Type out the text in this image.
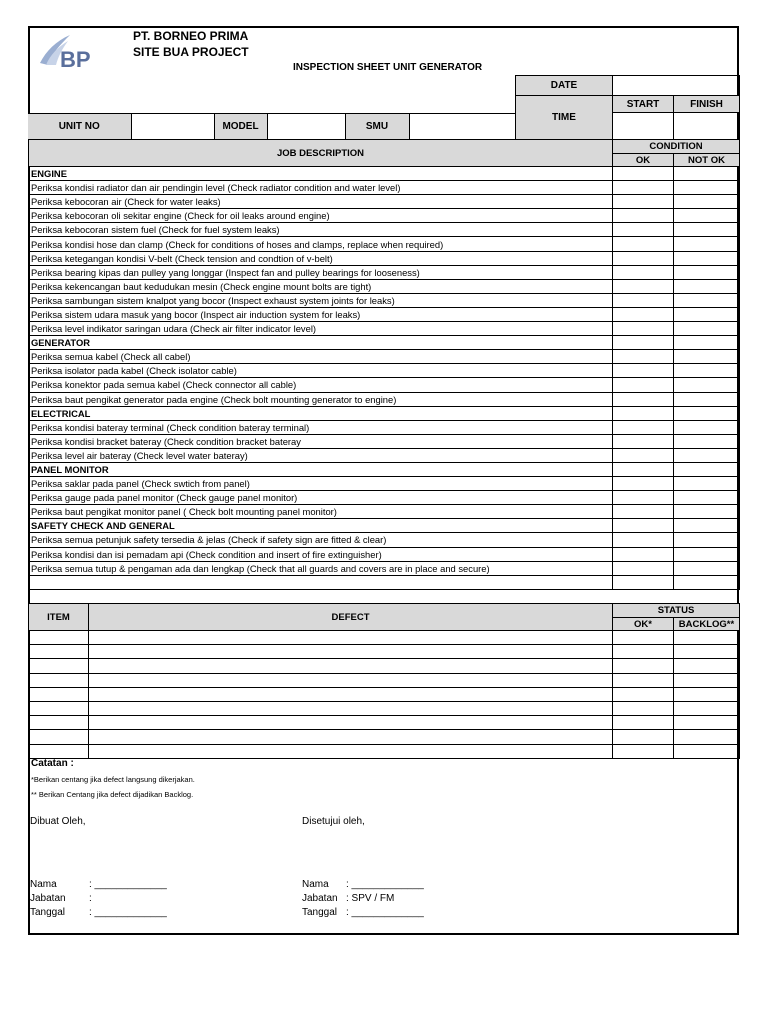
BP
PT. BORNEO PRIMA
SITE BUA PROJECT
INSPECTION SHEET UNIT GENERATOR
	DATE	
	TIME	START	FINISH

UNIT NO		MODEL		SMU	

JOB DESCRIPTION	CONDITION	
	OK	NOT OK
ENGINE		
Periksa kondisi radiator dan air pendingin level (Check radiator condition and water level)		
Periksa kebocoran air (Check for water leaks)		
Periksa kebocoran oli sekitar engine (Check for oil leaks around engine)		
Periksa kebocoran sistem fuel (Check for fuel system leaks)		
Periksa kondisi hose dan clamp (Check for conditions of hoses and clamps, replace when required)		
Periksa ketegangan kondisi V-belt (Check tension and condtion of v-belt)		
Periksa bearing kipas dan pulley yang longgar (Inspect fan and pulley bearings for looseness)		
Periksa kekencangan baut kedudukan mesin (Check engine mount bolts are tight)		
Periksa sambungan sistem knalpot yang bocor (Inspect exhaust system joints for leaks)		
Periksa sistem udara masuk yang bocor (Inspect air induction system for leaks)		
Periksa level indikator saringan udara (Check air filter indicator level)		
GENERATOR		
Periksa semua kabel (Check all cabel)		
Periksa isolator pada kabel (Check isolator cable)		
Periksa konektor pada semua kabel (Check connector all cable)		
Periksa baut pengikat generator pada engine (Check bolt mounting generator to engine)		
ELECTRICAL		
Periksa kondisi bateray terminal (Check condition bateray terminal)		
Periksa kondisi bracket bateray (Check condition bracket bateray		
Periksa level air bateray (Check level water bateray)		
PANEL MONITOR		
Periksa saklar pada panel (Check swtich from panel)		
Periksa gauge pada panel monitor (Check gauge panel monitor)		
Periksa baut pengikat monitor panel ( Check bolt mounting panel monitor)		
SAFETY CHECK AND GENERAL		
Periksa semua petunjuk safety tersedia & jelas (Check if safety sign are fitted & clear)		
Periksa kondisi dan isi pemadam api (Check condition and insert of fire extinguisher)		
Periksa semua tutup & pengaman ada dan lengkap (Check that all guards and covers are in place and secure)		

ITEM	DEFECT	STATUS	
		OK*	BACKLOG**

Catatan :
*Berikan centang jika defect langsung dikerjakan.
** Berikan Centang jika defect dijadikan Backlog.
Dibuat Oleh,	Disetujui oleh,
Nama	: _____________
Jabatan :
Tanggal : _____________
Nama : _____________
Jabatan : SPV / FM
Tanggal : _____________
